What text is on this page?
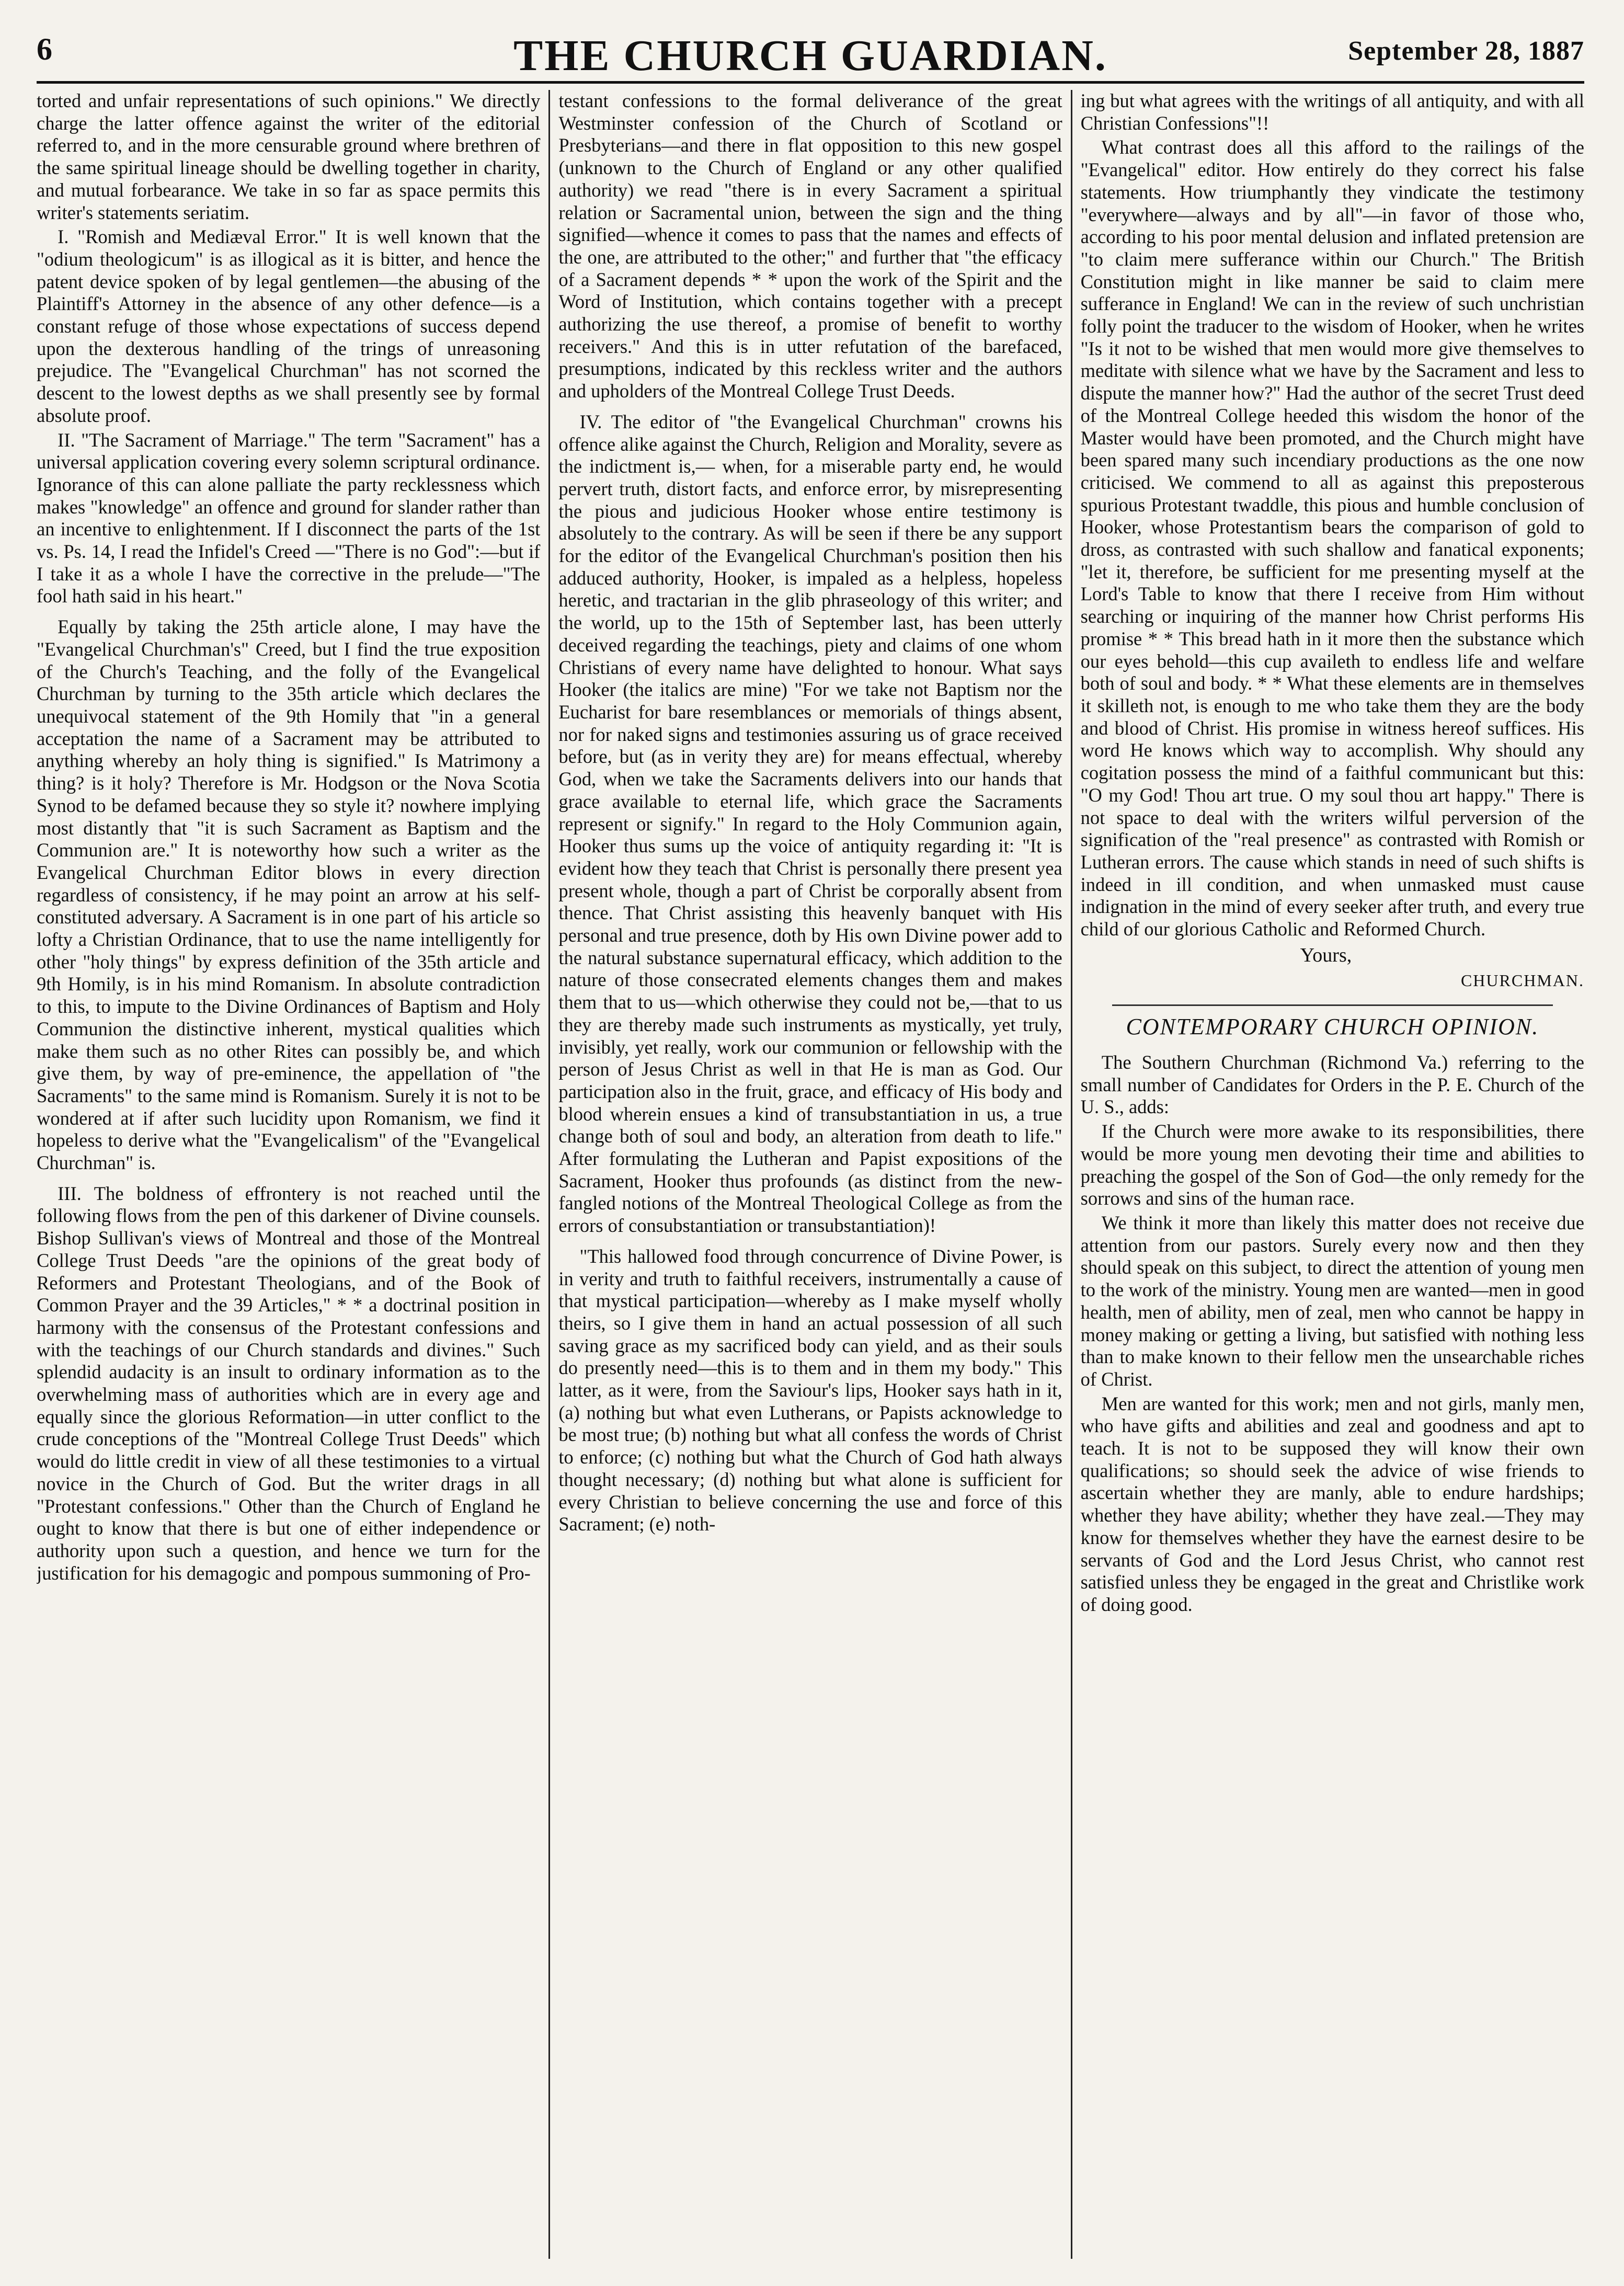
6	THE CHURCH GUARDIAN.	September 28, 1887

torted and unfair representations of such opinions." We directly charge the latter offence against the writer of the editorial referred to, and in the more censurable ground where brethren of the same spiritual lineage should be dwelling together in charity, and mutual forbearance. We take in so far as space permits this writer's statements seriatim.

I. "Romish and Mediæval Error." It is well known that the "odium theologicum" is as illogical as it is bitter, and hence the patent device spoken of by legal gentlemen—the abusing of the Plaintiff's Attorney in the absence of any other defence—is a constant refuge of those whose expectations of success depend upon the dexterous handling of the trings of unreasoning prejudice. The "Evangelical Churchman" has not scorned the descent to the lowest depths as we shall presently see by formal absolute proof.

II. "The Sacrament of Marriage." The term "Sacrament" has a universal application covering every solemn scriptural ordinance. Ignorance of this can alone palliate the party recklessness which makes "knowledge" an offence and ground for slander rather than an incentive to enlightenment. If I disconnect the parts of the 1st vs. Ps. 14, I read the Infidel's Creed —"There is no God":—but if I take it as a whole I have the corrective in the prelude—"The fool hath said in his heart."

Equally by taking the 25th article alone, I may have the "Evangelical Churchman's" Creed, but I find the true exposition of the Church's Teaching, and the folly of the Evangelical Churchman by turning to the 35th article which declares the unequivocal statement of the 9th Homily that "in a general acceptation the name of a Sacrament may be attributed to anything whereby an holy thing is signified." Is Matrimony a thing? is it holy? Therefore is Mr. Hodgson or the Nova Scotia Synod to be defamed because they so style it? nowhere implying most distantly that "it is such Sacrament as Baptism and the Communion are." It is noteworthy how such a writer as the Evangelical Churchman Editor blows in every direction regardless of consistency, if he may point an arrow at his self-constituted adversary. A Sacrament is in one part of his article so lofty a Christian Ordinance, that to use the name intelligently for other "holy things" by express definition of the 35th article and 9th Homily, is in his mind Romanism. In absolute contradiction to this, to impute to the Divine Ordinances of Baptism and Holy Communion the distinctive inherent, mystical qualities which make them such as no other Rites can possibly be, and which give them, by way of pre-eminence, the appellation of "the Sacraments" to the same mind is Romanism. Surely it is not to be wondered at if after such lucidity upon Romanism, we find it hopeless to derive what the "Evangelicalism" of the "Evangelical Churchman" is.

III. The boldness of effrontery is not reached until the following flows from the pen of this darkener of Divine counsels. Bishop Sullivan's views of Montreal and those of the Montreal College Trust Deeds "are the opinions of the great body of Reformers and Protestant Theologians, and of the Book of Common Prayer and the 39 Articles," * * a doctrinal position in harmony with the consensus of the Protestant confessions and with the teachings of our Church standards and divines." Such splendid audacity is an insult to ordinary information as to the overwhelming mass of authorities which are in every age and equally since the glorious Reformation—in utter conflict to the crude conceptions of the "Montreal College Trust Deeds" which would do little credit in view of all these testimonies to a virtual novice in the Church of God. But the writer drags in all "Protestant confessions." Other than the Church of England he ought to know that there is but one of either independence or authority upon such a question, and hence we turn for the justification for his demagogic and pompous summoning of Pro-

testant confessions to the formal deliverance of the great Westminster confession of the Church of Scotland or Presbyterians—and there in flat opposition to this new gospel (unknown to the Church of England or any other qualified authority) we read "there is in every Sacrament a spiritual relation or Sacramental union, between the sign and the thing signified—whence it comes to pass that the names and effects of the one, are attributed to the other;" and further that "the efficacy of a Sacrament depends * * upon the work of the Spirit and the Word of Institution, which contains together with a precept authorizing the use thereof, a promise of benefit to worthy receivers." And this is in utter refutation of the barefaced, presumptions, indicated by this reckless writer and the authors and upholders of the Montreal College Trust Deeds.

IV. The editor of "the Evangelical Churchman" crowns his offence alike against the Church, Religion and Morality, severe as the indictment is,— when, for a miserable party end, he would pervert truth, distort facts, and enforce error, by misrepresenting the pious and judicious Hooker whose entire testimony is absolutely to the contrary. As will be seen if there be any support for the editor of the Evangelical Churchman's position then his adduced authority, Hooker, is impaled as a helpless, hopeless heretic, and tractarian in the glib phraseology of this writer; and the world, up to the 15th of September last, has been utterly deceived regarding the teachings, piety and claims of one whom Christians of every name have delighted to honour. What says Hooker (the italics are mine) "For we take not Baptism nor the Eucharist for bare resemblances or memorials of things absent, nor for naked signs and testimonies assuring us of grace received before, but (as in verity they are) for means effectual, whereby God, when we take the Sacraments delivers into our hands that grace available to eternal life, which grace the Sacraments represent or signify." In regard to the Holy Communion again, Hooker thus sums up the voice of antiquity regarding it: "It is evident how they teach that Christ is personally there present yea present whole, though a part of Christ be corporally absent from thence. That Christ assisting this heavenly banquet with His personal and true presence, doth by His own Divine power add to the natural substance supernatural efficacy, which addition to the nature of those consecrated elements changes them and makes them that to us—which otherwise they could not be,—that to us they are thereby made such instruments as mystically, yet truly, invisibly, yet really, work our communion or fellowship with the person of Jesus Christ as well in that He is man as God. Our participation also in the fruit, grace, and efficacy of His body and blood wherein ensues a kind of transubstantiation in us, a true change both of soul and body, an alteration from death to life." After formulating the Lutheran and Papist expositions of the Sacrament, Hooker thus profounds (as distinct from the new-fangled notions of the Montreal Theological College as from the errors of consubstantiation or transubstantiation)!

"This hallowed food through concurrence of Divine Power, is in verity and truth to faithful receivers, instrumentally a cause of that mystical participation—whereby as I make myself wholly theirs, so I give them in hand an actual possession of all such saving grace as my sacrificed body can yield, and as their souls do presently need—this is to them and in them my body." This latter, as it were, from the Saviour's lips, Hooker says hath in it, (a) nothing but what even Lutherans, or Papists acknowledge to be most true; (b) nothing but what all confess the words of Christ to enforce; (c) nothing but what the Church of God hath always thought necessary; (d) nothing but what alone is sufficient for every Christian to believe concerning the use and force of this Sacrament; (e) noth-

ing but what agrees with the writings of all antiquity, and with all Christian Confessions"!!

What contrast does all this afford to the railings of the "Evangelical" editor. How entirely do they correct his false statements. How triumphantly they vindicate the testimony "everywhere—always and by all"—in favor of those who, according to his poor mental delusion and inflated pretension are "to claim mere sufferance within our Church." The British Constitution might in like manner be said to claim mere sufferance in England! We can in the review of such unchristian folly point the traducer to the wisdom of Hooker, when he writes "Is it not to be wished that men would more give themselves to meditate with silence what we have by the Sacrament and less to dispute the manner how?" Had the author of the secret Trust deed of the Montreal College heeded this wisdom the honor of the Master would have been promoted, and the Church might have been spared many such incendiary productions as the one now criticised. We commend to all as against this preposterous spurious Protestant twaddle, this pious and humble conclusion of Hooker, whose Protestantism bears the comparison of gold to dross, as contrasted with such shallow and fanatical exponents; "let it, therefore, be sufficient for me presenting myself at the Lord's Table to know that there I receive from Him without searching or inquiring of the manner how Christ performs His promise * * This bread hath in it more then the substance which our eyes behold—this cup availeth to endless life and welfare both of soul and body. * * What these elements are in themselves it skilleth not, is enough to me who take them they are the body and blood of Christ. His promise in witness hereof suffices. His word He knows which way to accomplish. Why should any cogitation possess the mind of a faithful communicant but this: "O my God! Thou art true. O my soul thou art happy." There is not space to deal with the writers wilful perversion of the signification of the "real presence" as contrasted with Romish or Lutheran errors. The cause which stands in need of such shifts is indeed in ill condition, and when unmasked must cause indignation in the mind of every seeker after truth, and every true child of our glorious Catholic and Reformed Church.

Yours,
CHURCHMAN.
CONTEMPORARY CHURCH OPINION.

The Southern Churchman (Richmond Va.) referring to the small number of Candidates for Orders in the P. E. Church of the U. S., adds:

If the Church were more awake to its responsibilities, there would be more young men devoting their time and abilities to preaching the gospel of the Son of God—the only remedy for the sorrows and sins of the human race.

We think it more than likely this matter does not receive due attention from our pastors. Surely every now and then they should speak on this subject, to direct the attention of young men to the work of the ministry. Young men are wanted—men in good health, men of ability, men of zeal, men who cannot be happy in money making or getting a living, but satisfied with nothing less than to make known to their fellow men the unsearchable riches of Christ.

Men are wanted for this work; men and not girls, manly men, who have gifts and abilities and zeal and goodness and apt to teach. It is not to be supposed they will know their own qualifications; so should seek the advice of wise friends to ascertain whether they are manly, able to endure hardships; whether they have ability; whether they have zeal.—They may know for themselves whether they have the earnest desire to be servants of God and the Lord Jesus Christ, who cannot rest satisfied unless they be engaged in the great and Christlike work of doing good.
